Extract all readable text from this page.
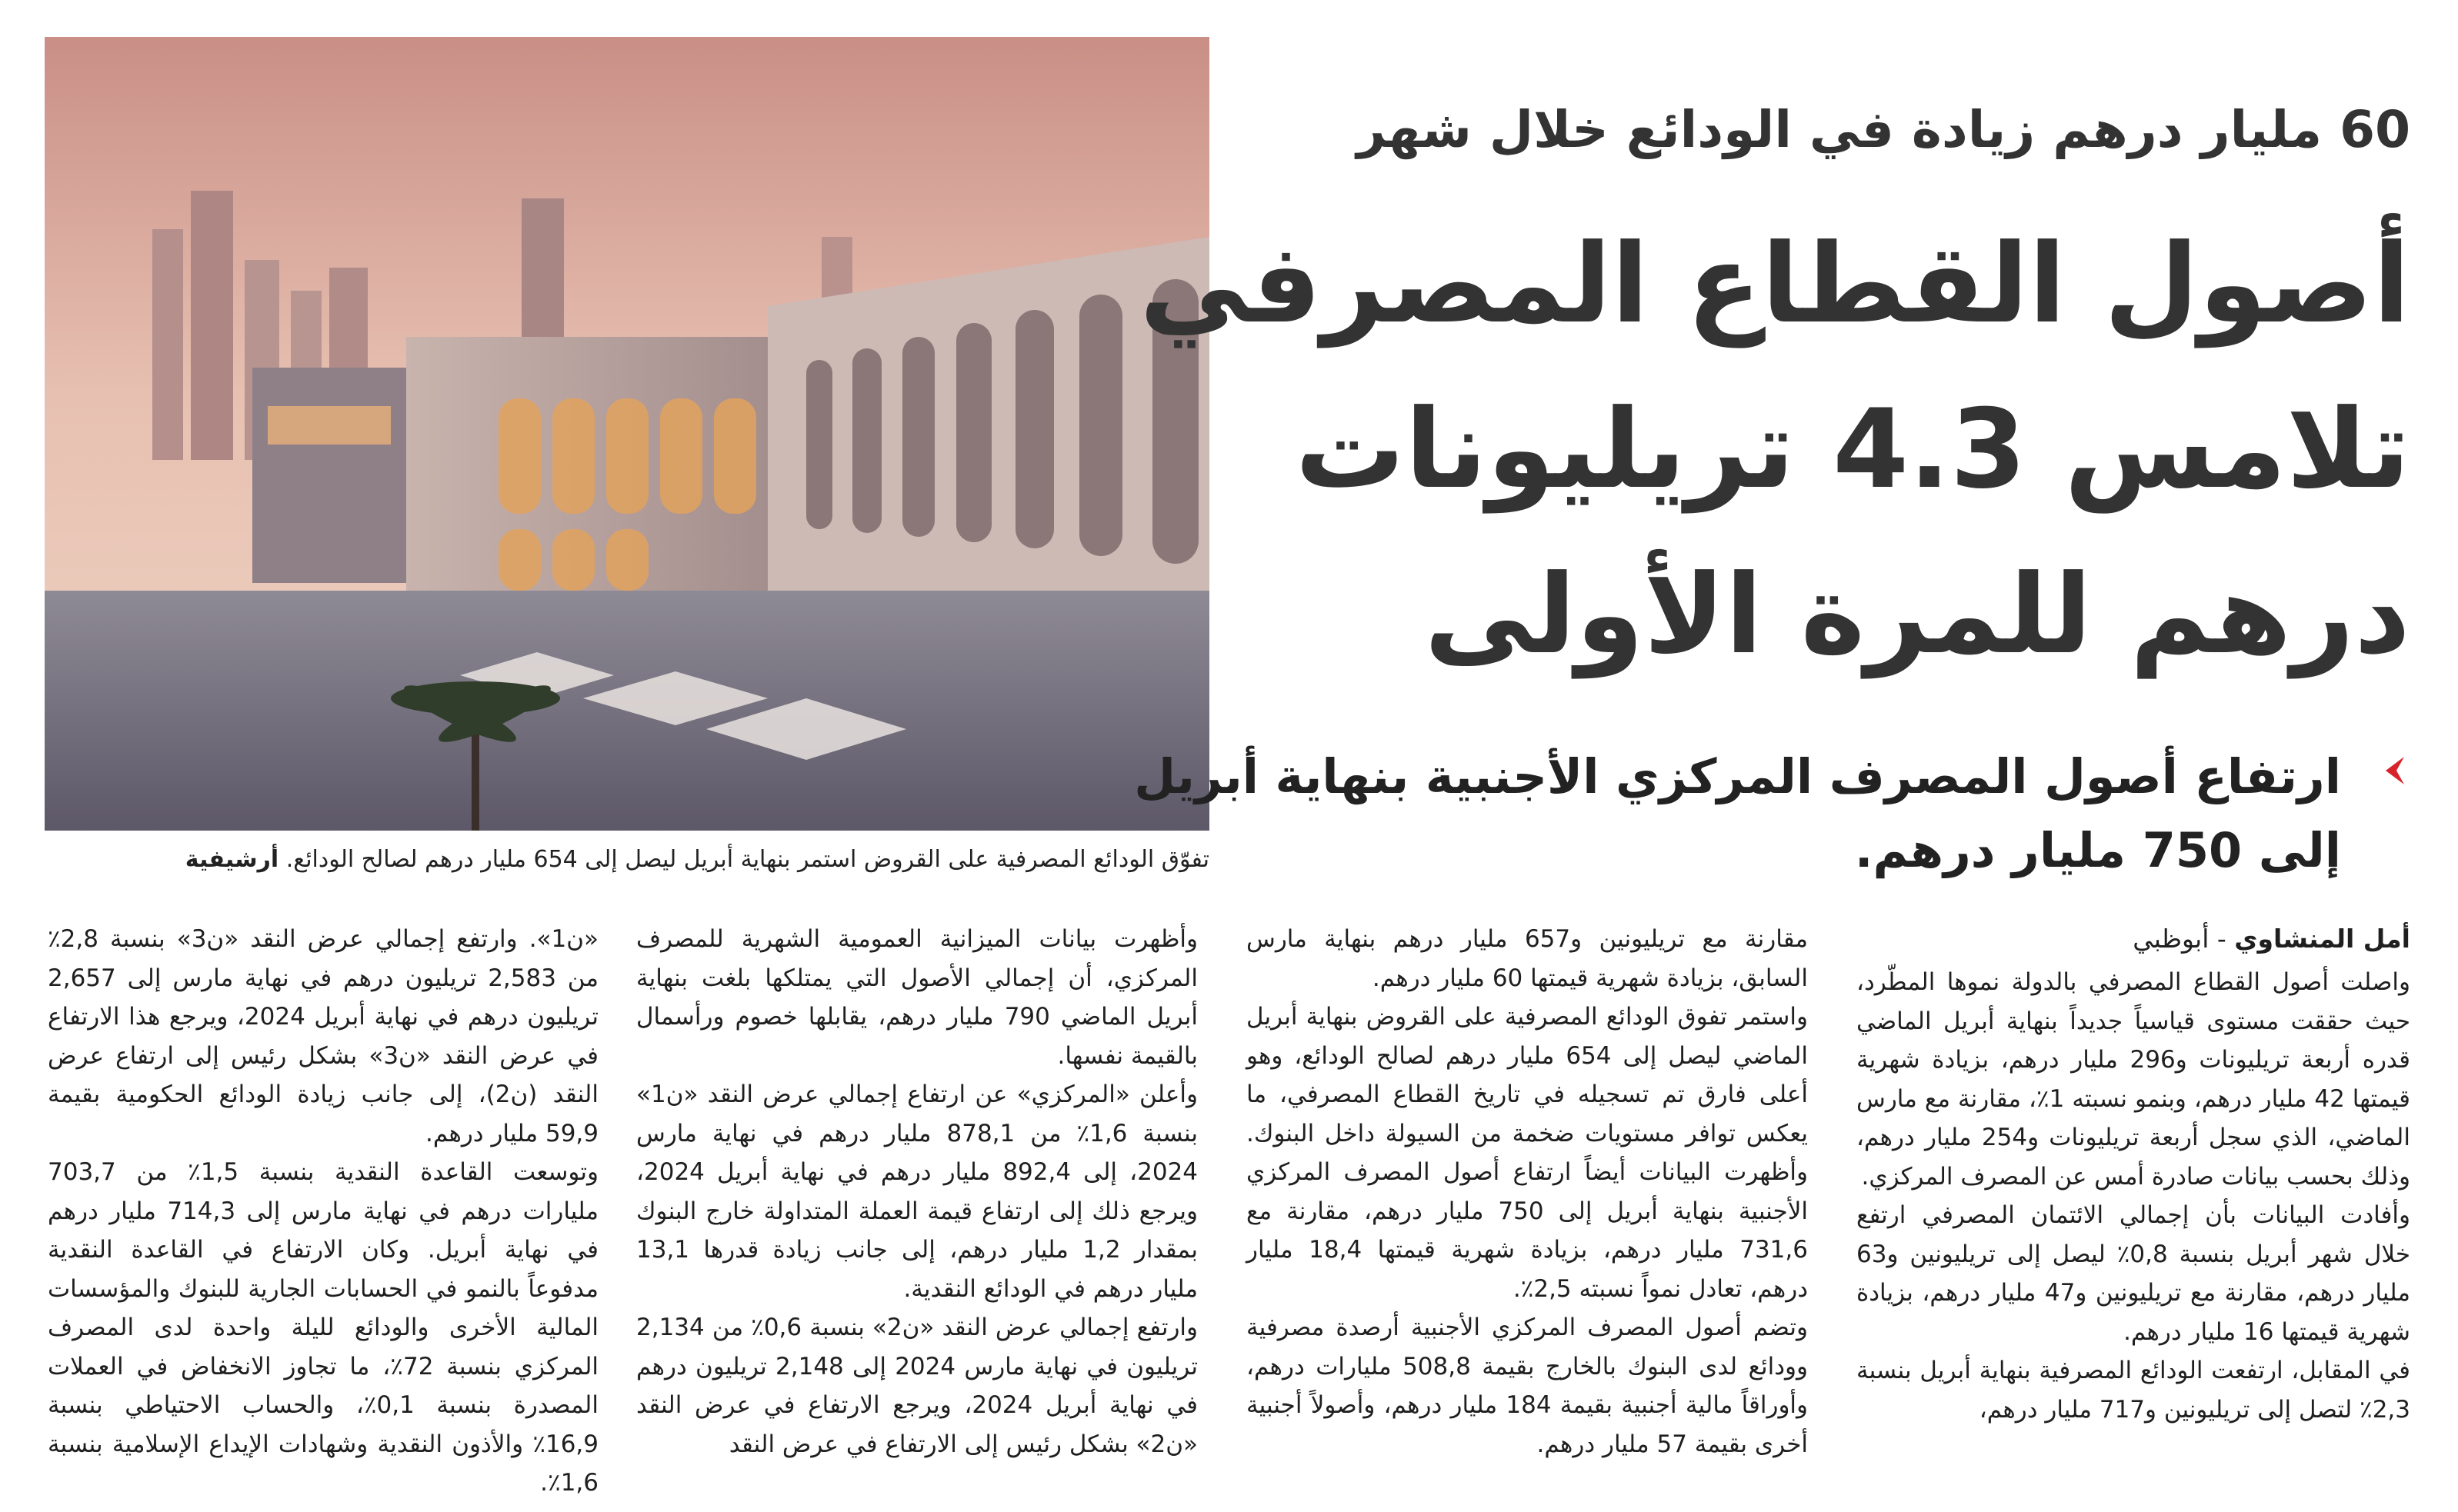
تفوّق الودائع المصرفية على القروض استمر بنهاية أبريل ليصل إلى 654 مليار درهم لصالح الودائع. أرشيفية
60 مليار درهم زيادة في الودائع خلال شهر
أصول القطاع المصرفي
تلامس 4.3 تريليونات
درهم للمرة الأولى
ارتفاع أصول المصرف المركزي الأجنبية بنهاية أبريل
إلى 750 مليار درهم.
أمل المنشاوي - أبوظبي

واصلت أصول القطاع المصرفي بالدولة نموها المطّرد، حيث حققت مستوى قياسياً جديداً بنهاية أبريل الماضي قدره أربعة تريليونات و296 مليار درهم، بزيادة شهرية قيمتها 42 مليار درهم، وبنمو نسبته 1٪، مقارنة مع مارس الماضي، الذي سجل أربعة تريليونات و254 مليار درهم، وذلك بحسب بيانات صادرة أمس عن المصرف المركزي.

وأفادت البيانات بأن إجمالي الائتمان المصرفي ارتفع خلال شهر أبريل بنسبة 0,8٪ ليصل إلى تريليونين و63 مليار درهم، مقارنة مع تريليونين و47 مليار درهم، بزيادة شهرية قيمتها 16 مليار درهم.

في المقابل، ارتفعت الودائع المصرفية بنهاية أبريل بنسبة 2,3٪ لتصل إلى تريليونين و717 مليار درهم،

مقارنة مع تريليونين و657 مليار درهم بنهاية مارس السابق، بزيادة شهرية قيمتها 60 مليار درهم.

واستمر تفوق الودائع المصرفية على القروض بنهاية أبريل الماضي ليصل إلى 654 مليار درهم لصالح الودائع، وهو أعلى فارق تم تسجيله في تاريخ القطاع المصرفي، ما يعكس توافر مستويات ضخمة من السيولة داخل البنوك. وأظهرت البيانات أيضاً ارتفاع أصول المصرف المركزي الأجنبية بنهاية أبريل إلى 750 مليار درهم، مقارنة مع 731,6 مليار درهم، بزيادة شهرية قيمتها 18,4 مليار درهم، تعادل نمواً نسبته 2,5٪.

وتضم أصول المصرف المركزي الأجنبية أرصدة مصرفية وودائع لدى البنوك بالخارج بقيمة 508,8 مليارات درهم، وأوراقاً مالية أجنبية بقيمة 184 مليار درهم، وأصولاً أجنبية أخرى بقيمة 57 مليار درهم.

وأظهرت بيانات الميزانية العمومية الشهرية للمصرف المركزي، أن إجمالي الأصول التي يمتلكها بلغت بنهاية أبريل الماضي 790 مليار درهم، يقابلها خصوم ورأسمال بالقيمة نفسها.

وأعلن «المركزي» عن ارتفاع إجمالي عرض النقد «ن1» بنسبة 1,6٪ من 878,1 مليار درهم في نهاية مارس 2024، إلى 892,4 مليار درهم في نهاية أبريل 2024، ويرجع ذلك إلى ارتفاع قيمة العملة المتداولة خارج البنوك بمقدار 1,2 مليار درهم، إلى جانب زيادة قدرها 13,1 مليار درهم في الودائع النقدية.

وارتفع إجمالي عرض النقد «ن2» بنسبة 0,6٪ من 2,134 تريليون في نهاية مارس 2024 إلى 2,148 تريليون درهم في نهاية أبريل 2024، ويرجع الارتفاع في عرض النقد «ن2» بشكل رئيس إلى الارتفاع في عرض النقد

«ن1». وارتفع إجمالي عرض النقد «ن3» بنسبة 2,8٪ من 2,583 تريليون درهم في نهاية مارس إلى 2,657 تريليون درهم في نهاية أبريل 2024، ويرجع هذا الارتفاع في عرض النقد «ن3» بشكل رئيس إلى ارتفاع عرض النقد (ن2)، إلى جانب زيادة الودائع الحكومية بقيمة 59,9 مليار درهم.

وتوسعت القاعدة النقدية بنسبة 1,5٪ من 703,7 مليارات درهم في نهاية مارس إلى 714,3 مليار درهم في نهاية أبريل. وكان الارتفاع في القاعدة النقدية مدفوعاً بالنمو في الحسابات الجارية للبنوك والمؤسسات المالية الأخرى والودائع لليلة واحدة لدى المصرف المركزي بنسبة 72٪، ما تجاوز الانخفاض في العملات المصدرة بنسبة 0,1٪، والحساب الاحتياطي بنسبة 16,9٪ والأذون النقدية وشهادات الإيداع الإسلامية بنسبة 1,6٪.
